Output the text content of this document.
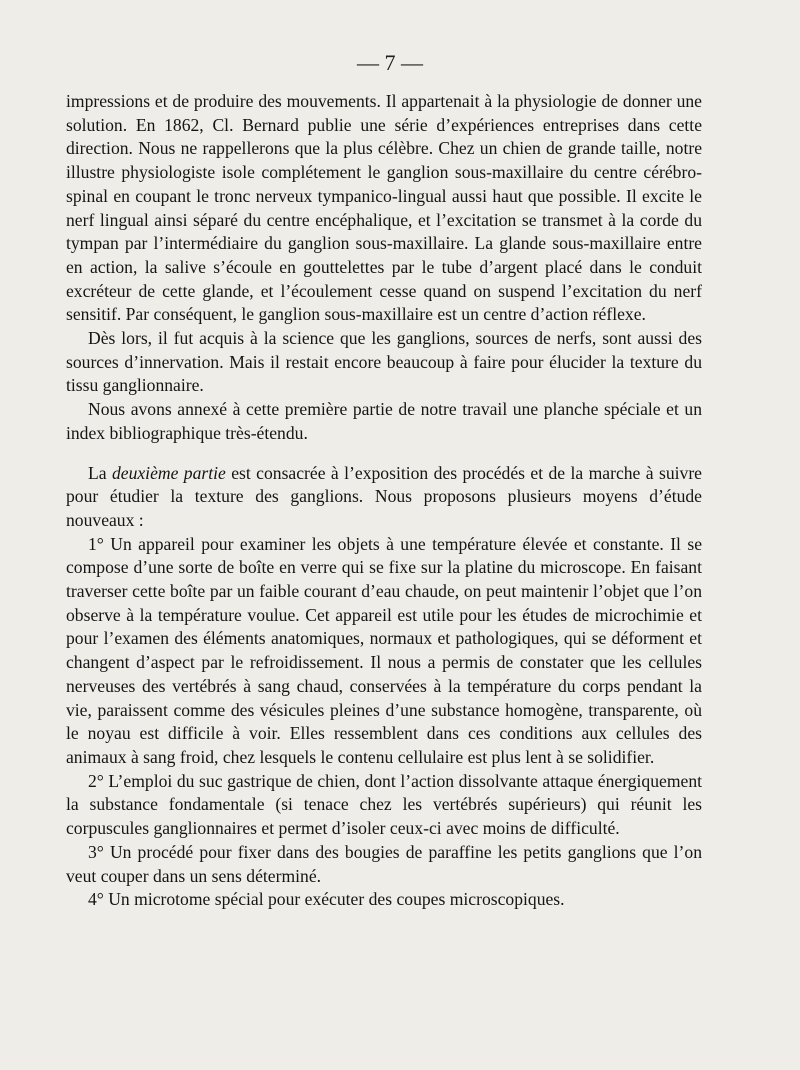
— 7 —

impressions et de produire des mouvements. Il appartenait à la physiologie de donner une solution. En 1862, Cl. Bernard publie une série d’expériences entreprises dans cette direction. Nous ne rappellerons que la plus célèbre. Chez un chien de grande taille, notre illustre physiologiste isole complétement le ganglion sous-maxillaire du centre cérébro-spinal en coupant le tronc nerveux tympanico-lingual aussi haut que possible. Il excite le nerf lingual ainsi séparé du centre encéphalique, et l’excitation se transmet à la corde du tympan par l’intermédiaire du ganglion sous-maxillaire. La glande sous-maxillaire entre en action, la salive s’écoule en gouttelettes par le tube d’argent placé dans le conduit excréteur de cette glande, et l’écoulement cesse quand on suspend l’excitation du nerf sensitif. Par conséquent, le ganglion sous-maxillaire est un centre d’action réflexe.

Dès lors, il fut acquis à la science que les ganglions, sources de nerfs, sont aussi des sources d’innervation. Mais il restait encore beaucoup à faire pour élucider la texture du tissu ganglionnaire.

Nous avons annexé à cette première partie de notre travail une planche spéciale et un index bibliographique très-étendu.

La deuxième partie est consacrée à l’exposition des procédés et de la marche à suivre pour étudier la texture des ganglions. Nous proposons plusieurs moyens d’étude nouveaux :

1° Un appareil pour examiner les objets à une température élevée et constante. Il se compose d’une sorte de boîte en verre qui se fixe sur la platine du microscope. En faisant traverser cette boîte par un faible courant d’eau chaude, on peut maintenir l’objet que l’on observe à la température voulue. Cet appareil est utile pour les études de microchimie et pour l’examen des éléments anatomiques, normaux et pathologiques, qui se déforment et changent d’aspect par le refroidissement. Il nous a permis de constater que les cellules nerveuses des vertébrés à sang chaud, conservées à la température du corps pendant la vie, paraissent comme des vésicules pleines d’une substance homogène, transparente, où le noyau est difficile à voir. Elles ressemblent dans ces conditions aux cellules des animaux à sang froid, chez lesquels le contenu cellulaire est plus lent à se solidifier.

2° L’emploi du suc gastrique de chien, dont l’action dissolvante attaque énergiquement la substance fondamentale (si tenace chez les vertébrés supérieurs) qui réunit les corpuscules ganglionnaires et permet d’isoler ceux-ci avec moins de difficulté.

3° Un procédé pour fixer dans des bougies de paraffine les petits ganglions que l’on veut couper dans un sens déterminé.

4° Un microtome spécial pour exécuter des coupes microscopiques.
